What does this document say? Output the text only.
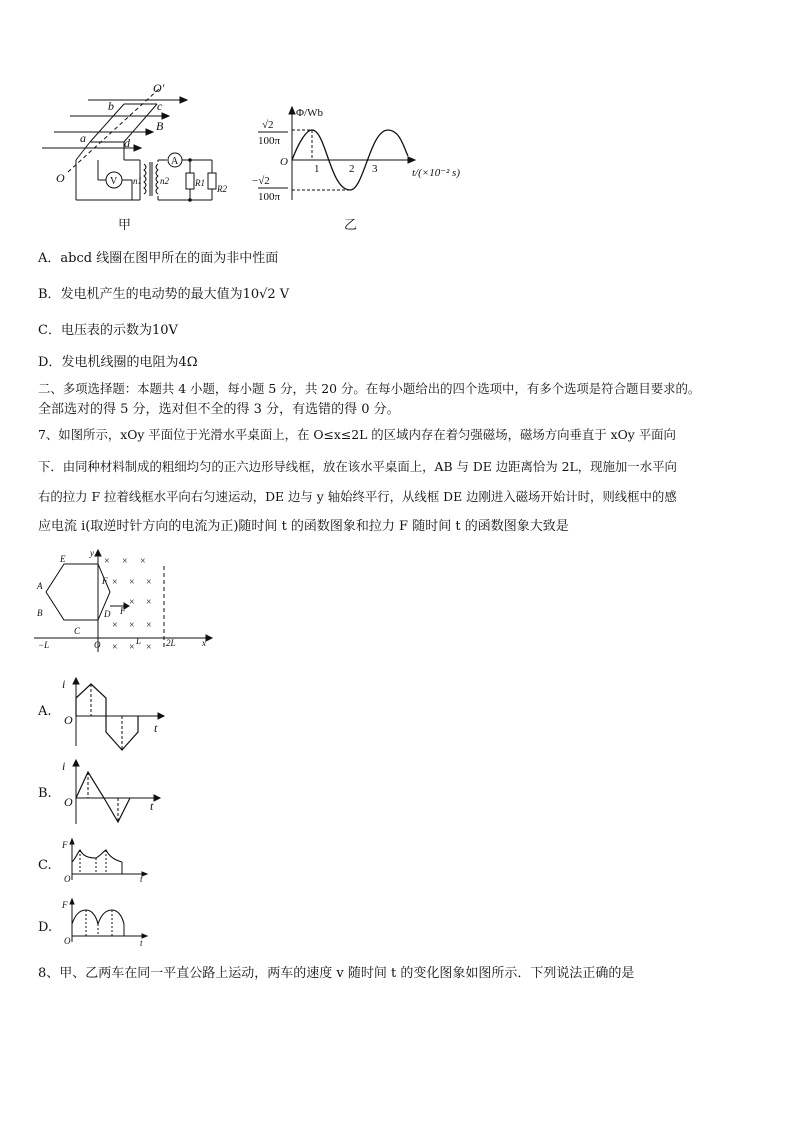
O′
b	c
B
a	d
O	V
A
n1 n2	R1
R2
甲
Φ/Wb
√2
100π
O
1	2 3	t/(×10⁻² s)
−√2
100π
乙
A．abcd 线圈在图甲所在的面为非中性面
B．发电机产生的电动势的最大值为10√2 V
C．电压表的示数为10V
D．发电机线圈的电阻为4Ω
二、多项选择题：本题共 4 小题，每小题 5 分，共 20 分。在每小题给出的四个选项中，有多个选项是符合题目要求的。
全部选对的得 5 分，选对但不全的得 3 分，有选错的得 0 分。
7、如图所示，xOy 平面位于光滑水平桌面上，在 O≤x≤2L 的区域内存在着匀强磁场，磁场方向垂直于 xOy 平面向
下．由同种材料制成的粗细均匀的正六边形导线框，放在该水平桌面上，AB 与 DE 边距离恰为 2L，现施加一水平向
右的拉力 F 拉着线框水平向右匀速运动，DE 边与 y 轴始终平行，从线框 DE 边刚进入磁场开始计时，则线框中的感
应电流 i(取逆时针方向的电流为正)随时间 t 的函数图象和拉力 F 随时间 t 的函数图象大致是
× × ×
× × ×
× ×
× × ×
× × ×
E
A
B
C
F
D F
y
x
O
−L	L	2L
A.
i
O
t
B.
i
O	t
C.
F
O	t
D.
F
O	t
8、甲、乙两车在同一平直公路上运动，两车的速度 v 随时间 t 的变化图象如图所示．下列说法正确的是
